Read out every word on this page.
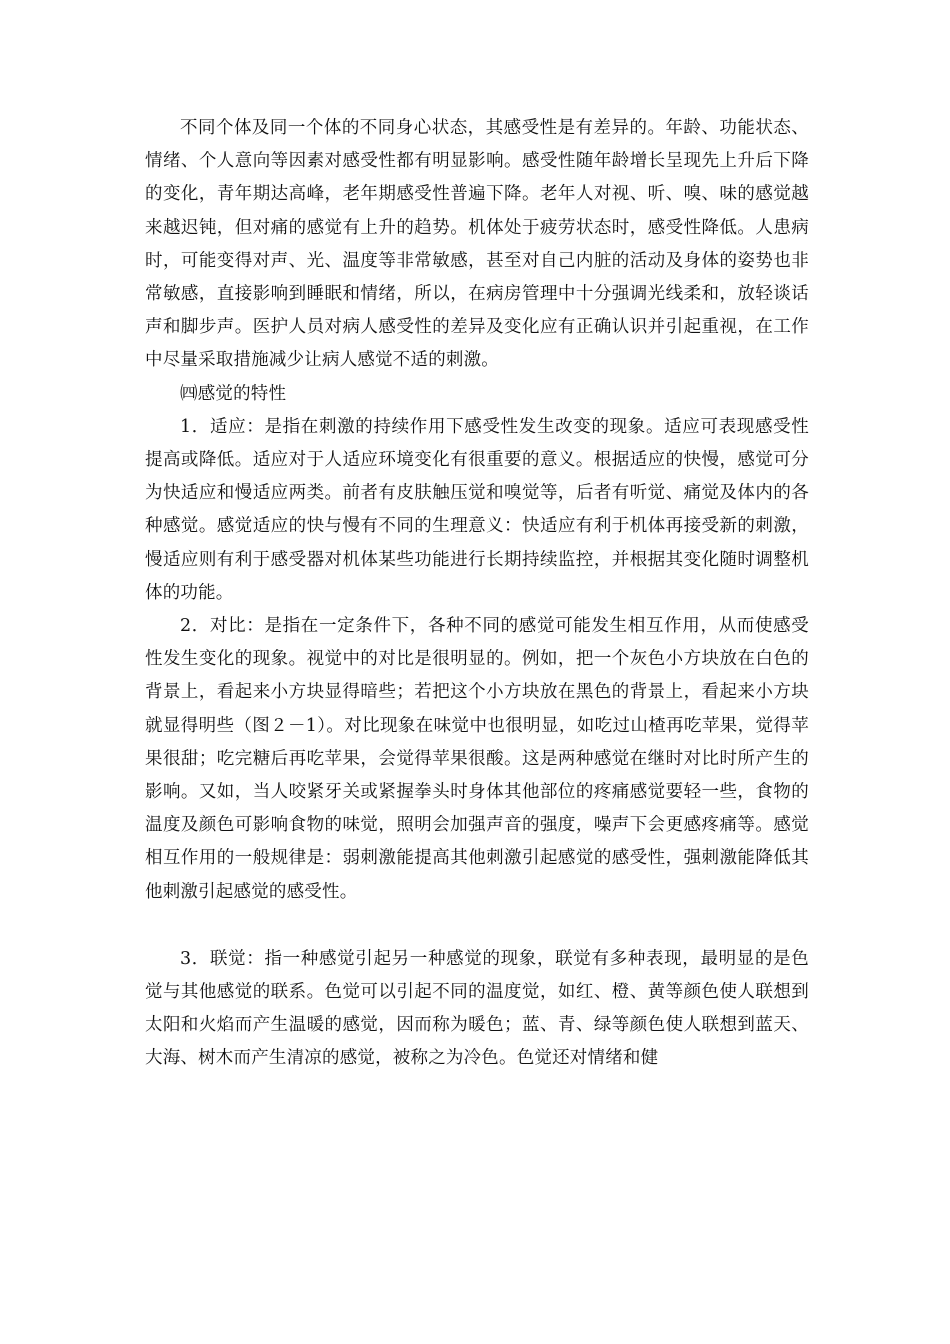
不同个体及同一个体的不同身心状态，其感受性是有差异的。年龄、功能状态、情绪、个人意向等因素对感受性都有明显影响。感受性随年龄增长呈现先上升后下降的变化，青年期达高峰，老年期感受性普遍下降。老年人对视、听、嗅、味的感觉越来越迟钝，但对痛的感觉有上升的趋势。机体处于疲劳状态时，感受性降低。人患病时，可能变得对声、光、温度等非常敏感，甚至对自己内脏的活动及身体的姿势也非常敏感，直接影响到睡眠和情绪，所以，在病房管理中十分强调光线柔和，放轻谈话声和脚步声。医护人员对病人感受性的差异及变化应有正确认识并引起重视，在工作中尽量采取措施减少让病人感觉不适的刺激。

㈣感觉的特性

1．适应：是指在刺激的持续作用下感受性发生改变的现象。适应可表现感受性提高或降低。适应对于人适应环境变化有很重要的意义。根据适应的快慢，感觉可分为快适应和慢适应两类。前者有皮肤触压觉和嗅觉等，后者有听觉、痛觉及体内的各种感觉。感觉适应的快与慢有不同的生理意义：快适应有利于机体再接受新的刺激，慢适应则有利于感受器对机体某些功能进行长期持续监控，并根据其变化随时调整机体的功能。

2．对比：是指在一定条件下，各种不同的感觉可能发生相互作用，从而使感受性发生变化的现象。视觉中的对比是很明显的。例如，把一个灰色小方块放在白色的背景上，看起来小方块显得暗些；若把这个小方块放在黑色的背景上，看起来小方块就显得明些（图２－1）。对比现象在味觉中也很明显，如吃过山楂再吃苹果，觉得苹果很甜；吃完糖后再吃苹果，会觉得苹果很酸。这是两种感觉在继时对比时所产生的影响。又如，当人咬紧牙关或紧握拳头时身体其他部位的疼痛感觉要轻一些，食物的温度及颜色可影响食物的味觉，照明会加强声音的强度，噪声下会更感疼痛等。感觉相互作用的一般规律是：弱刺激能提高其他刺激引起感觉的感受性，强刺激能降低其他刺激引起感觉的感受性。

3．联觉：指一种感觉引起另一种感觉的现象，联觉有多种表现，最明显的是色觉与其他感觉的联系。色觉可以引起不同的温度觉，如红、橙、黄等颜色使人联想到太阳和火焰而产生温暖的感觉，因而称为暖色；蓝、青、绿等颜色使人联想到蓝天、大海、树木而产生清凉的感觉，被称之为冷色。色觉还对情绪和健
